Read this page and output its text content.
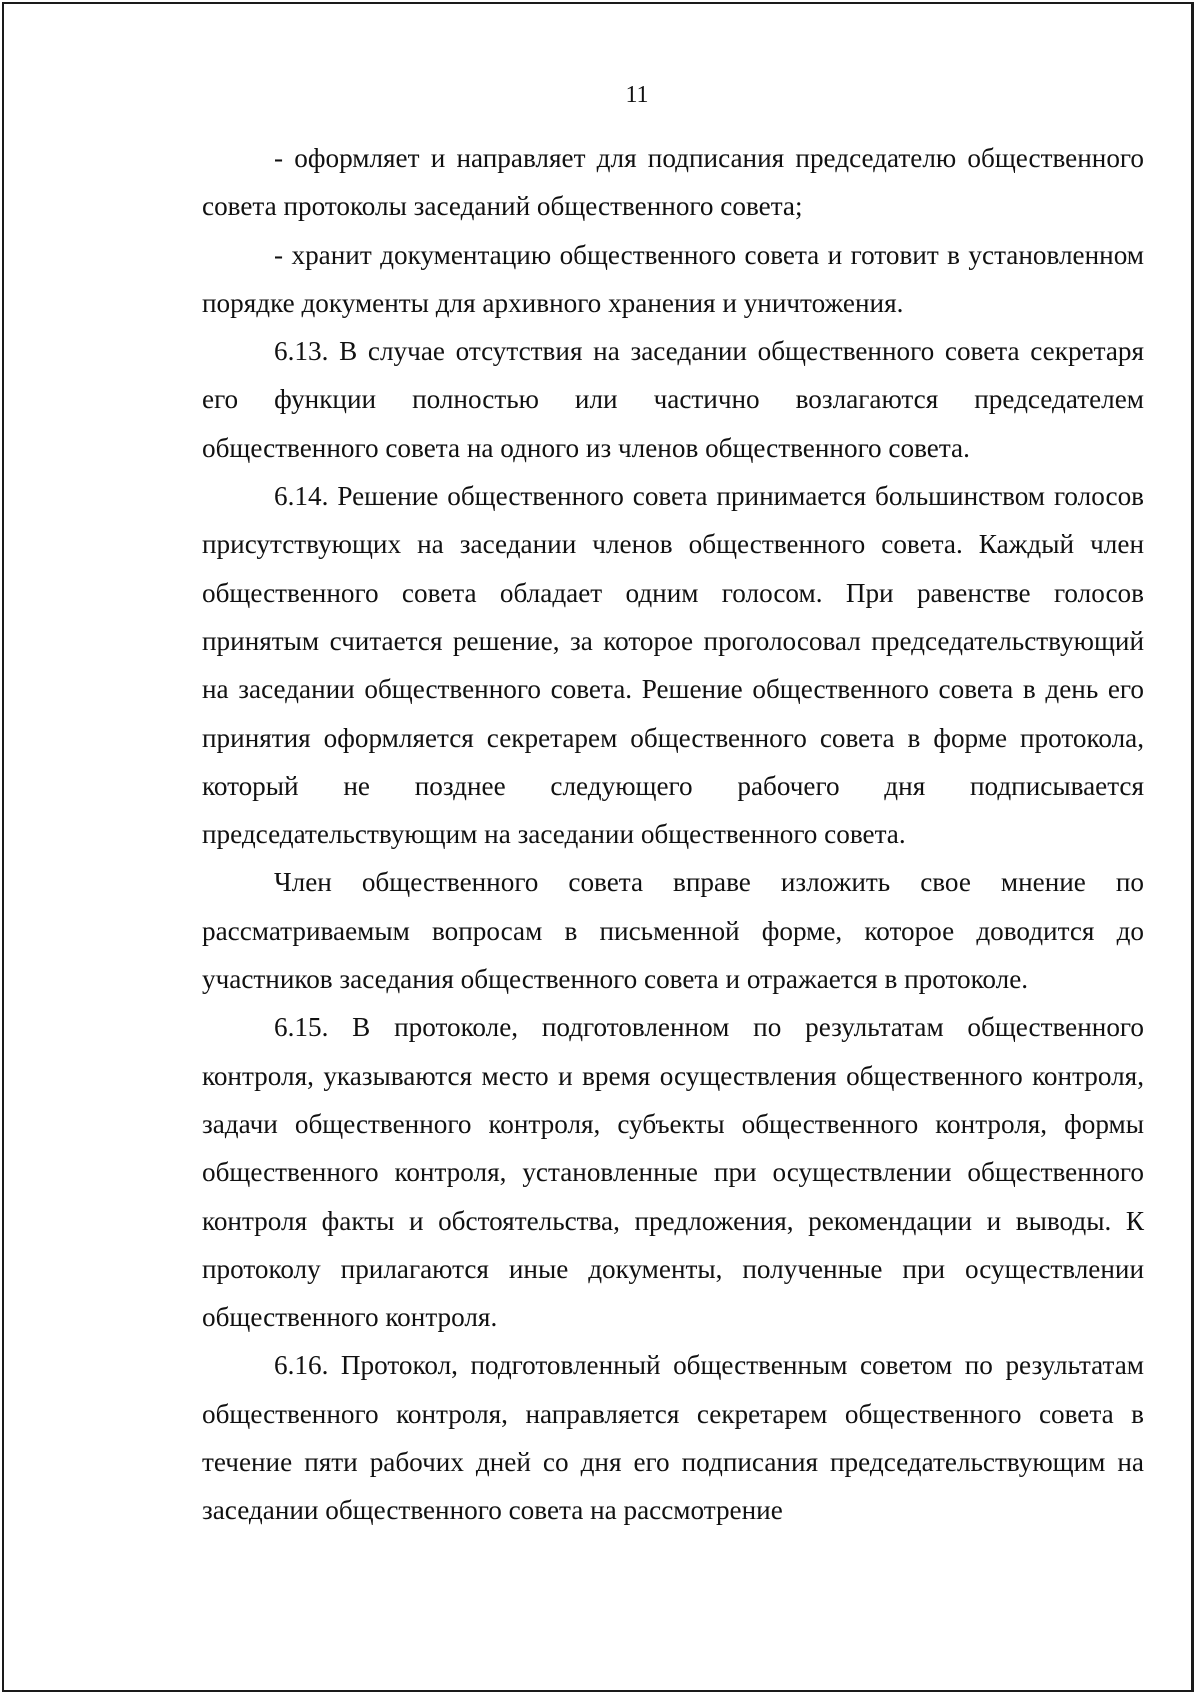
11

- оформляет и направляет для подписания председателю общественного совета протоколы заседаний общественного совета;

- хранит документацию общественного совета и готовит в установленном порядке документы для архивного хранения и уничтожения.

6.13. В случае отсутствия на заседании общественного совета секретаря его функции полностью или частично возлагаются председателем общественного совета на одного из членов общественного совета.

6.14. Решение общественного совета принимается большинством голосов присутствующих на заседании членов общественного совета. Каждый член общественного совета обладает одним голосом. При равенстве голосов принятым считается решение, за которое проголосовал председательствующий на заседании общественного совета. Решение общественного совета в день его принятия оформляется секретарем общественного совета в форме протокола, который не позднее следующего рабочего дня подписывается председательствующим на заседании общественного совета.

Член общественного совета вправе изложить свое мнение по рассматриваемым вопросам в письменной форме, которое доводится до участников заседания общественного совета и отражается в протоколе.

6.15. В протоколе, подготовленном по результатам общественного контроля, указываются место и время осуществления общественного контроля, задачи общественного контроля, субъекты общественного контроля, формы общественного контроля, установленные при осуществлении общественного контроля факты и обстоятельства, предложения, рекомендации и выводы. К протоколу прилагаются иные документы, полученные при осуществлении общественного контроля.

6.16. Протокол, подготовленный общественным советом по результатам общественного контроля, направляется секретарем общественного совета в течение пяти рабочих дней со дня его подписания председательствующим на заседании общественного совета на рассмотрение
